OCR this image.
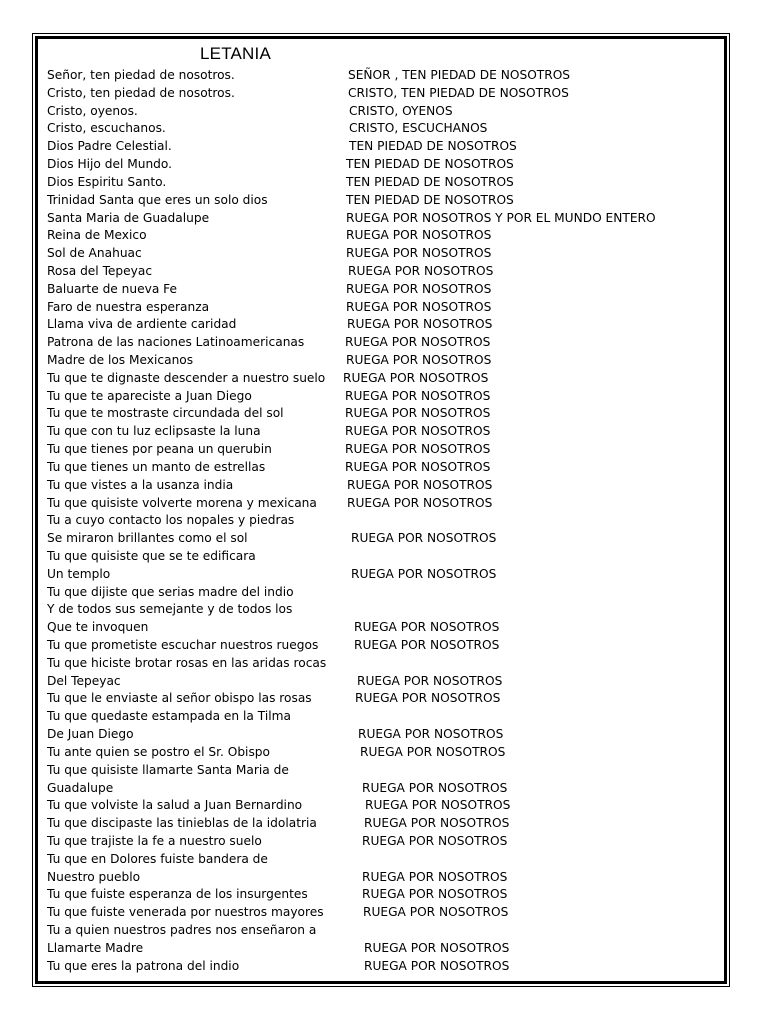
LETANIA
Señor, ten piedad de nosotros.	SEÑOR , TEN PIEDAD DE NOSOTROS
Cristo, ten piedad de nosotros.	CRISTO, TEN PIEDAD DE NOSOTROS
Cristo, oyenos.	CRISTO, OYENOS
Cristo, escuchanos.	CRISTO, ESCUCHANOS
Dios Padre Celestial.	TEN PIEDAD DE NOSOTROS
Dios Hijo del Mundo.	TEN PIEDAD DE NOSOTROS
Dios Espiritu Santo.	TEN PIEDAD DE NOSOTROS
Trinidad Santa que eres un solo dios	TEN PIEDAD DE NOSOTROS
Santa Maria de Guadalupe	RUEGA POR NOSOTROS Y POR EL MUNDO ENTERO
Reina de Mexico	RUEGA POR NOSOTROS
Sol de Anahuac	RUEGA POR NOSOTROS
Rosa del Tepeyac	RUEGA POR NOSOTROS
Baluarte de nueva Fe	RUEGA POR NOSOTROS
Faro de nuestra esperanza	RUEGA POR NOSOTROS
Llama viva de ardiente caridad	RUEGA POR NOSOTROS
Patrona de las naciones Latinoamericanas	RUEGA POR NOSOTROS
Madre de los Mexicanos	RUEGA POR NOSOTROS
Tu que te dignaste descender a nuestro suelo RUEGA POR NOSOTROS
Tu que te apareciste a Juan Diego	RUEGA POR NOSOTROS
Tu que te mostraste circundada del sol	RUEGA POR NOSOTROS
Tu que con tu luz eclipsaste la luna	RUEGA POR NOSOTROS
Tu que tienes por peana un querubin	RUEGA POR NOSOTROS
Tu que tienes un manto de estrellas	RUEGA POR NOSOTROS
Tu que vistes a la usanza india	RUEGA POR NOSOTROS
Tu que quisiste volverte morena y mexicana RUEGA POR NOSOTROS
Tu a cuyo contacto los nopales y piedras
Se miraron brillantes como el sol	RUEGA POR NOSOTROS
Tu que quisiste que se te edificara
Un templo	RUEGA POR NOSOTROS
Tu que dijiste que serias madre del indio
Y de todos sus semejante y de todos los
Que te invoquen	RUEGA POR NOSOTROS
Tu que prometiste escuchar nuestros ruegos	RUEGA POR NOSOTROS
Tu que hiciste brotar rosas en las aridas rocas
Del Tepeyac	RUEGA POR NOSOTROS
Tu que le enviaste al señor obispo las rosas	RUEGA POR NOSOTROS
Tu que quedaste estampada en la Tilma
De Juan Diego	RUEGA POR NOSOTROS
Tu ante quien se postro el Sr. Obispo	RUEGA POR NOSOTROS
Tu que quisiste llamarte Santa Maria de
Guadalupe	RUEGA POR NOSOTROS
Tu que volviste la salud a Juan Bernardino	RUEGA POR NOSOTROS
Tu que discipaste las tinieblas de la idolatria	RUEGA POR NOSOTROS
Tu que trajiste la fe a nuestro suelo	RUEGA POR NOSOTROS
Tu que en Dolores fuiste bandera de
Nuestro pueblo	RUEGA POR NOSOTROS
Tu que fuiste esperanza de los insurgentes	RUEGA POR NOSOTROS
Tu que fuiste venerada por nuestros mayores	RUEGA POR NOSOTROS
Tu a quien nuestros padres nos enseñaron a
Llamarte Madre	RUEGA POR NOSOTROS
Tu que eres la patrona del indio	RUEGA POR NOSOTROS
